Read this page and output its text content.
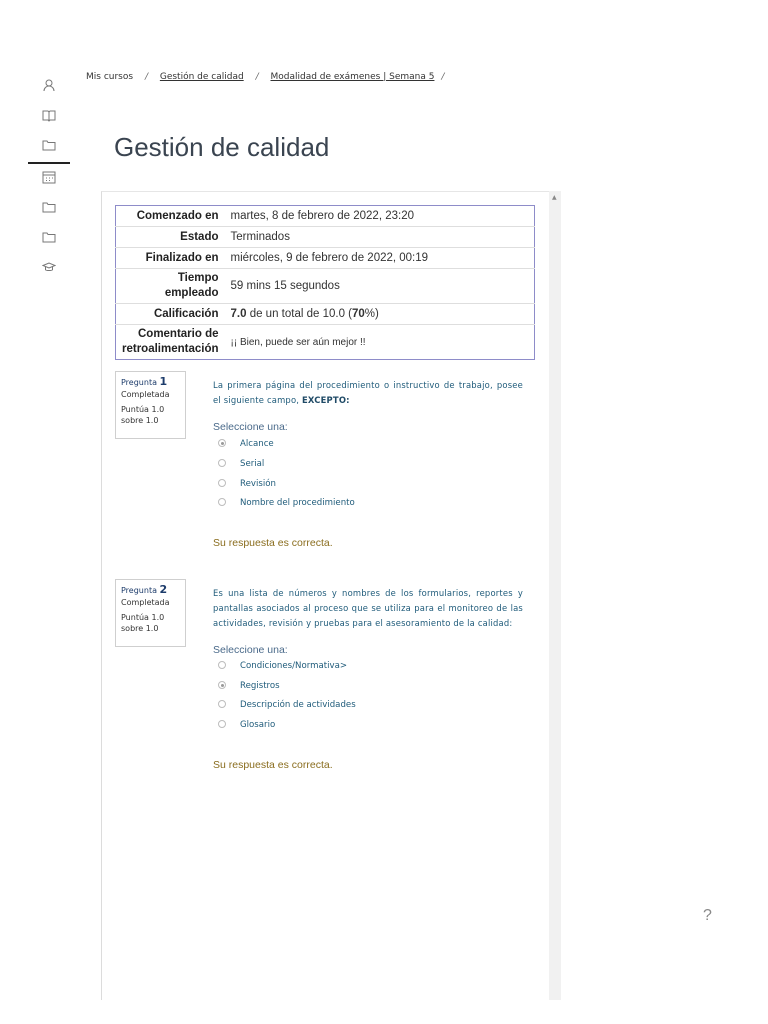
Mis cursos / Gestión de calidad / Modalidad de exámenes | Semana 5 /
Gestión de calidad
▲
Comenzado en	martes, 8 de febrero de 2022, 23:20
Estado	Terminados
Finalizado en	miércoles, 9 de febrero de 2022, 00:19
Tiempo empleado	59 mins 15 segundos
Calificación	7.0 de un total de 10.0 (70%)
Comentario de retroalimentación	¡¡ Bien, puede ser aún mejor !!
Pregunta 1
Completada
Puntúa 1.0 sobre 1.0
La primera página del procedimiento o instructivo de trabajo, posee el siguiente campo, EXCEPTO:
Seleccione una:
Alcance
Serial
Revisión
Nombre del procedimiento
Su respuesta es correcta.
Pregunta 2
Completada
Puntúa 1.0 sobre 1.0
Es una lista de números y nombres de los formularios, reportes y pantallas asociados al proceso que se utiliza para el monitoreo de las actividades, revisión y pruebas para el asesoramiento de la calidad:
Seleccione una:
Condiciones/Normativa>
Registros
Descripción de actividades
Glosario
Su respuesta es correcta.
?
